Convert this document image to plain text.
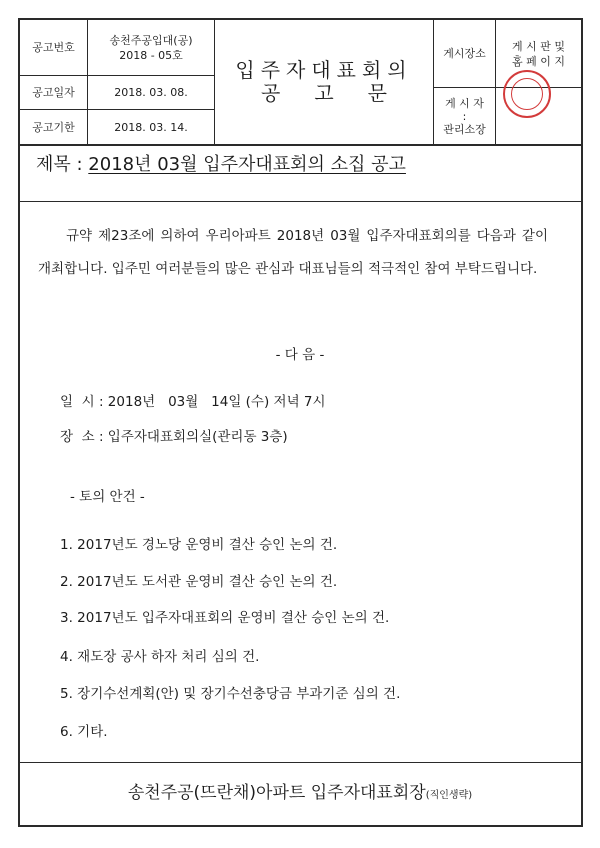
공고번호
송천주공입대(공)
2018 - 05호
공고일자	2018. 03. 08.
공고기한	2018. 03. 14.
입주자대표회의
공고문
게시장소
게 시 판 및
홈 페 이 지
게 시 자
:
관리소장
제목 : 2018년 03월 입주자대표회의 소집 공고
규약 제23조에 의하여 우리아파트 2018년 03월 입주자대표회의를 다음과 같이 개최합니다. 입주민 여러분들의 많은 관심과 대표님들의 적극적인 참여 부탁드립니다.
- 다 음 -
일  시 : 2018년   03월   14일 (수) 저녁 7시
장  소 : 입주자대표회의실(관리동 3층)
- 토의 안건 -
1. 2017년도 경노당 운영비 결산 승인 논의 건.
2. 2017년도 도서관 운영비 결산 승인 논의 건.
3. 2017년도 입주자대표회의 운영비 결산 승인 논의 건.
4. 재도장 공사 하자 처리 심의 건.
5. 장기수선계획(안) 및 장기수선충당금 부과기준 심의 건.
6. 기타.
송천주공(뜨란채)아파트 입주자대표회장(직인생략)
